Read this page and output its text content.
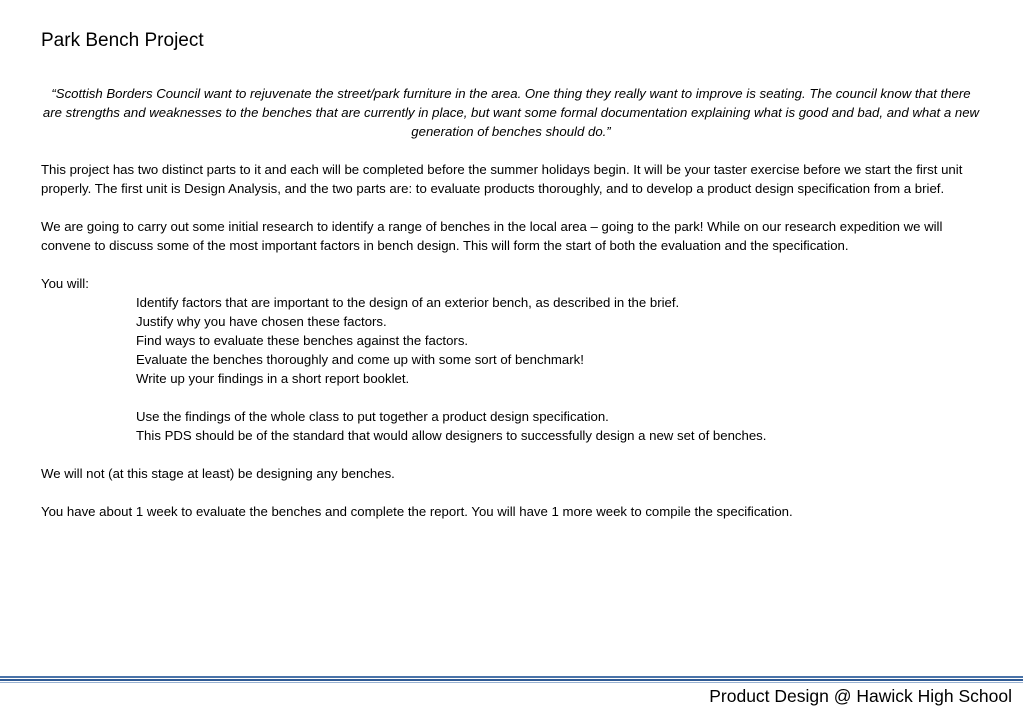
Park Bench Project

“Scottish Borders Council want to rejuvenate the street/park furniture in the area. One thing they really want to improve is seating. The council know that there are strengths and weaknesses to the benches that are currently in place, but want some formal documentation explaining what is good and bad, and what a new generation of benches should do.”

This project has two distinct parts to it and each will be completed before the summer holidays begin. It will be your taster exercise before we start the first unit properly. The first unit is Design Analysis, and the two parts are: to evaluate products thoroughly, and to develop a product design specification from a brief.

We are going to carry out some initial research to identify a range of benches in the local area – going to the park! While on our research expedition we will convene to discuss some of the most important factors in bench design. This will form the start of both the evaluation and the specification.

You will:

Identify factors that are important to the design of an exterior bench, as described in the brief.
Justify why you have chosen these factors.
Find ways to evaluate these benches against the factors.
Evaluate the benches thoroughly and come up with some sort of benchmark!
Write up your findings in a short report booklet.
Use the findings of the whole class to put together a product design specification.
This PDS should be of the standard that would allow designers to successfully design a new set of benches.

We will not (at this stage at least) be designing any benches.

You have about 1 week to evaluate the benches and complete the report. You will have 1 more week to compile the specification.

Product Design @ Hawick High School
